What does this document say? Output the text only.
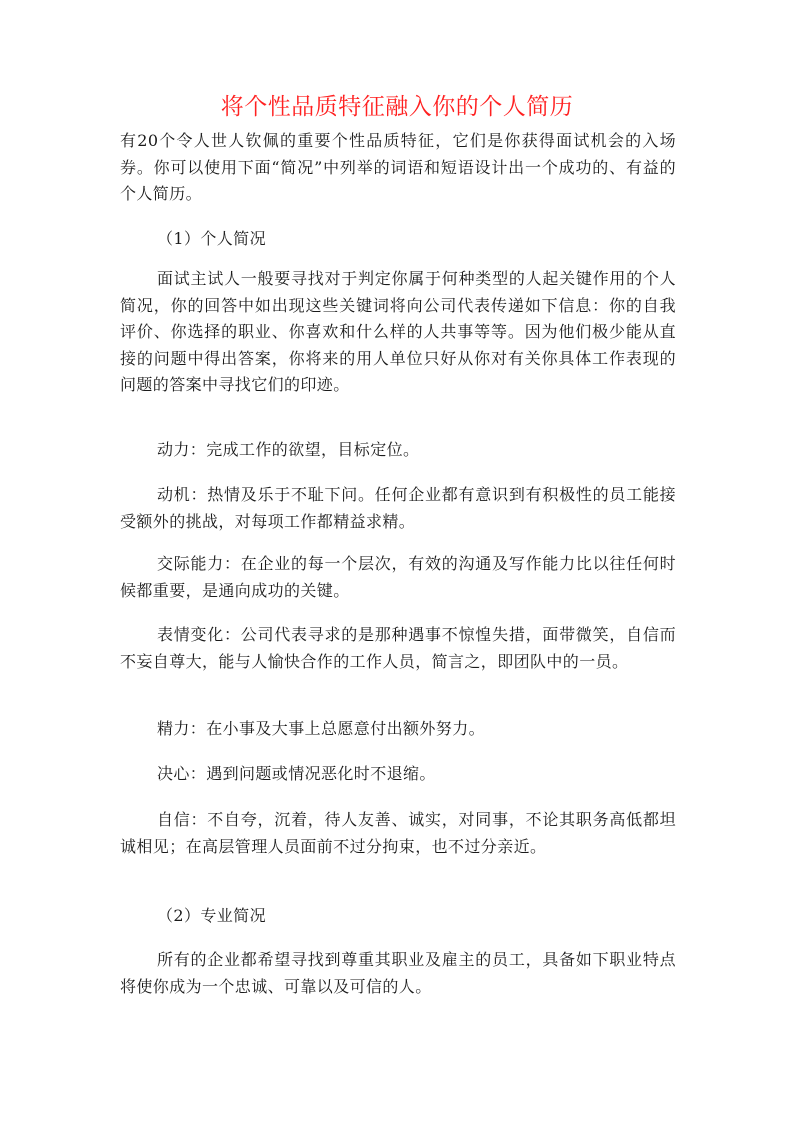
将个性品质特征融入你的个人简历

有20个令人世人钦佩的重要个性品质特征，它们是你获得面试机会的入场券。你可以使用下面“简况”中列举的词语和短语设计出一个成功的、有益的个人简历。

（1）个人简况

面试主试人一般要寻找对于判定你属于何种类型的人起关键作用的个人简况，你的回答中如出现这些关键词将向公司代表传递如下信息：你的自我评价、你选择的职业、你喜欢和什么样的人共事等等。因为他们极少能从直接的问题中得出答案，你将来的用人单位只好从你对有关你具体工作表现的问题的答案中寻找它们的印迹。

动力：完成工作的欲望，目标定位。

动机：热情及乐于不耻下问。任何企业都有意识到有积极性的员工能接受额外的挑战，对每项工作都精益求精。

交际能力：在企业的每一个层次，有效的沟通及写作能力比以往任何时候都重要，是通向成功的关键。

表情变化：公司代表寻求的是那种遇事不惊惶失措，面带微笑，自信而不妄自尊大，能与人愉快合作的工作人员，简言之，即团队中的一员。

精力：在小事及大事上总愿意付出额外努力。

决心：遇到问题或情况恶化时不退缩。

自信：不自夸，沉着，待人友善、诚实，对同事，不论其职务高低都坦诚相见；在高层管理人员面前不过分拘束，也不过分亲近。

（2）专业简况

所有的企业都希望寻找到尊重其职业及雇主的员工，具备如下职业特点将使你成为一个忠诚、可靠以及可信的人。
